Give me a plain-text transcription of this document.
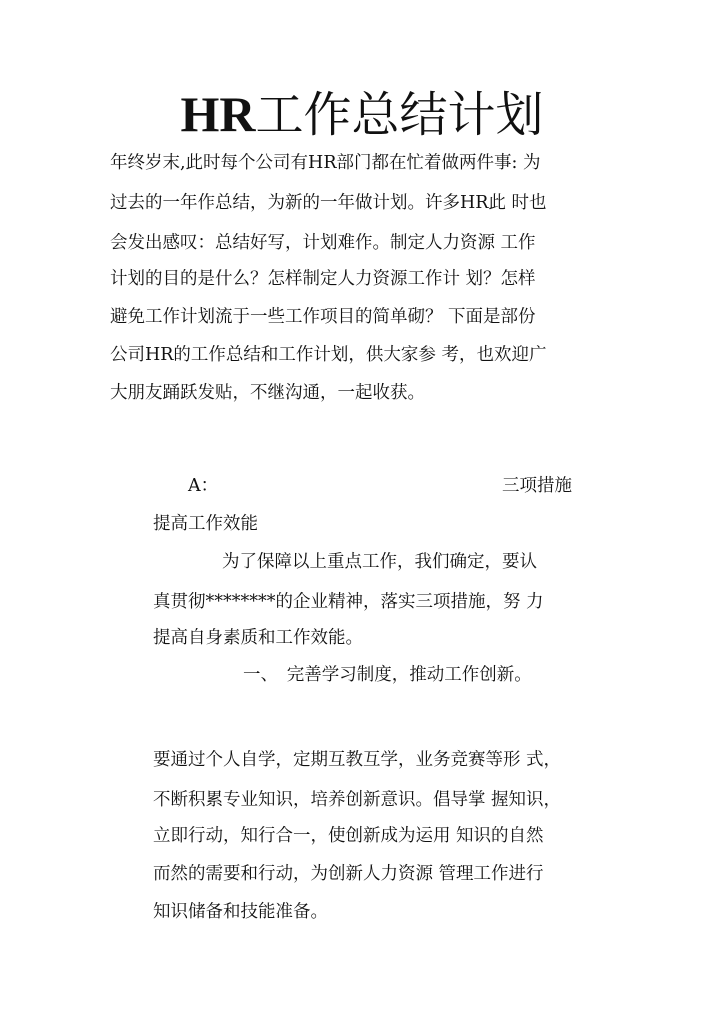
HR工作总结计划

年终岁末,此时每个公司有HR部门都在忙着做两件事: 为

过去的一年作总结，为新的一年做计划。许多HR此 时也

会发出感叹：总结好写，计划难作。制定人力资源 工作

计划的目的是什么？怎样制定人力资源工作计 划？怎样

避免工作计划流于一些工作项目的简单砌？ 下面是部份

公司HR的工作总结和工作计划，供大家参 考，也欢迎广

大朋友踊跃发贴，不继沟通，一起收获。

A：	三项措施

提高工作效能

为了保障以上重点工作，我们确定，要认

真贯彻********的企业精神，落实三项措施，努 力

提高自身素质和工作效能。

一、　完善学习制度，推动工作创新。

要通过个人自学，定期互教互学，业务竞赛等形 式，

不断积累专业知识，培养创新意识。倡导掌 握知识，

立即行动，知行合一，使创新成为运用 知识的自然

而然的需要和行动，为创新人力资源 管理工作进行

知识储备和技能准备。
